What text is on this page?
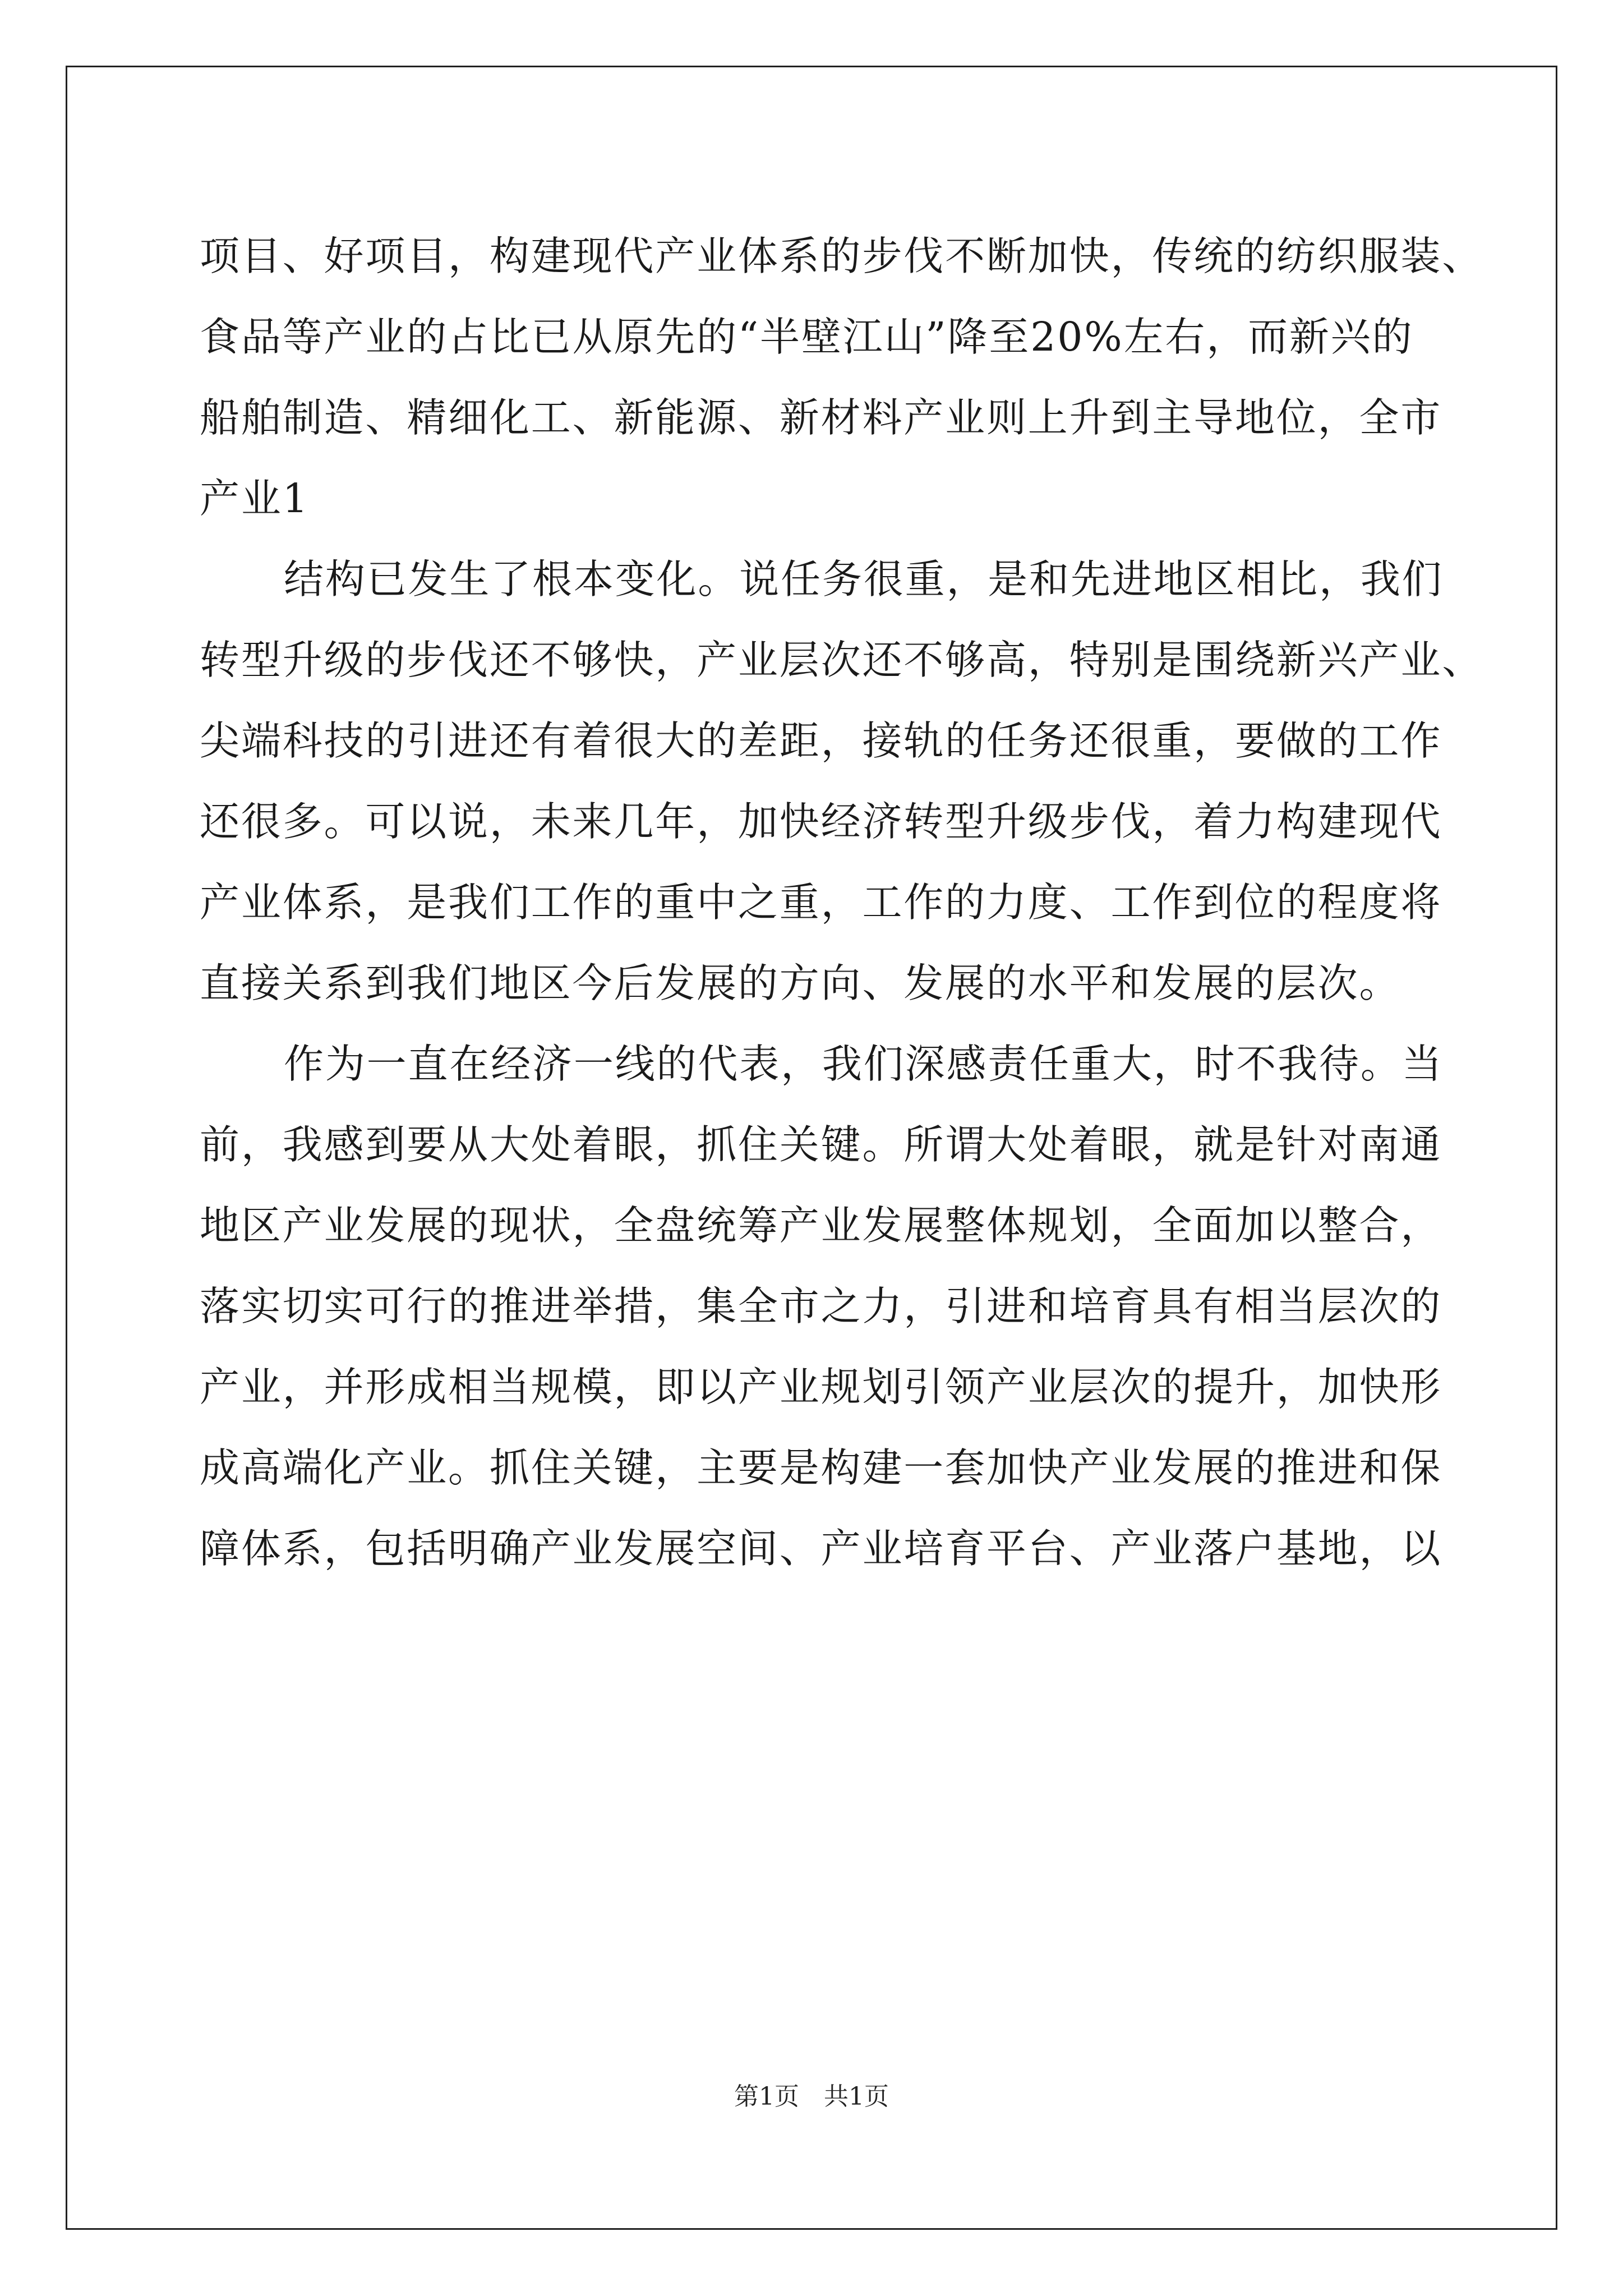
项目、好项目，构建现代产业体系的步伐不断加快，传统的纺织服装、
食品等产业的占比已从原先的“半壁江山”降至20%左右，而新兴的
船舶制造、精细化工、新能源、新材料产业则上升到主导地位，全市
产业1
结构已发生了根本变化。说任务很重，是和先进地区相比，我们
转型升级的步伐还不够快，产业层次还不够高，特别是围绕新兴产业、
尖端科技的引进还有着很大的差距，接轨的任务还很重，要做的工作
还很多。可以说，未来几年，加快经济转型升级步伐，着力构建现代
产业体系，是我们工作的重中之重，工作的力度、工作到位的程度将
直接关系到我们地区今后发展的方向、发展的水平和发展的层次。
作为一直在经济一线的代表，我们深感责任重大，时不我待。当
前，我感到要从大处着眼，抓住关键。所谓大处着眼，就是针对南通
地区产业发展的现状，全盘统筹产业发展整体规划，全面加以整合，
落实切实可行的推进举措，集全市之力，引进和培育具有相当层次的
产业，并形成相当规模，即以产业规划引领产业层次的提升，加快形
成高端化产业。抓住关键，主要是构建一套加快产业发展的推进和保
障体系，包括明确产业发展空间、产业培育平台、产业落户基地，以
第1页　共1页
